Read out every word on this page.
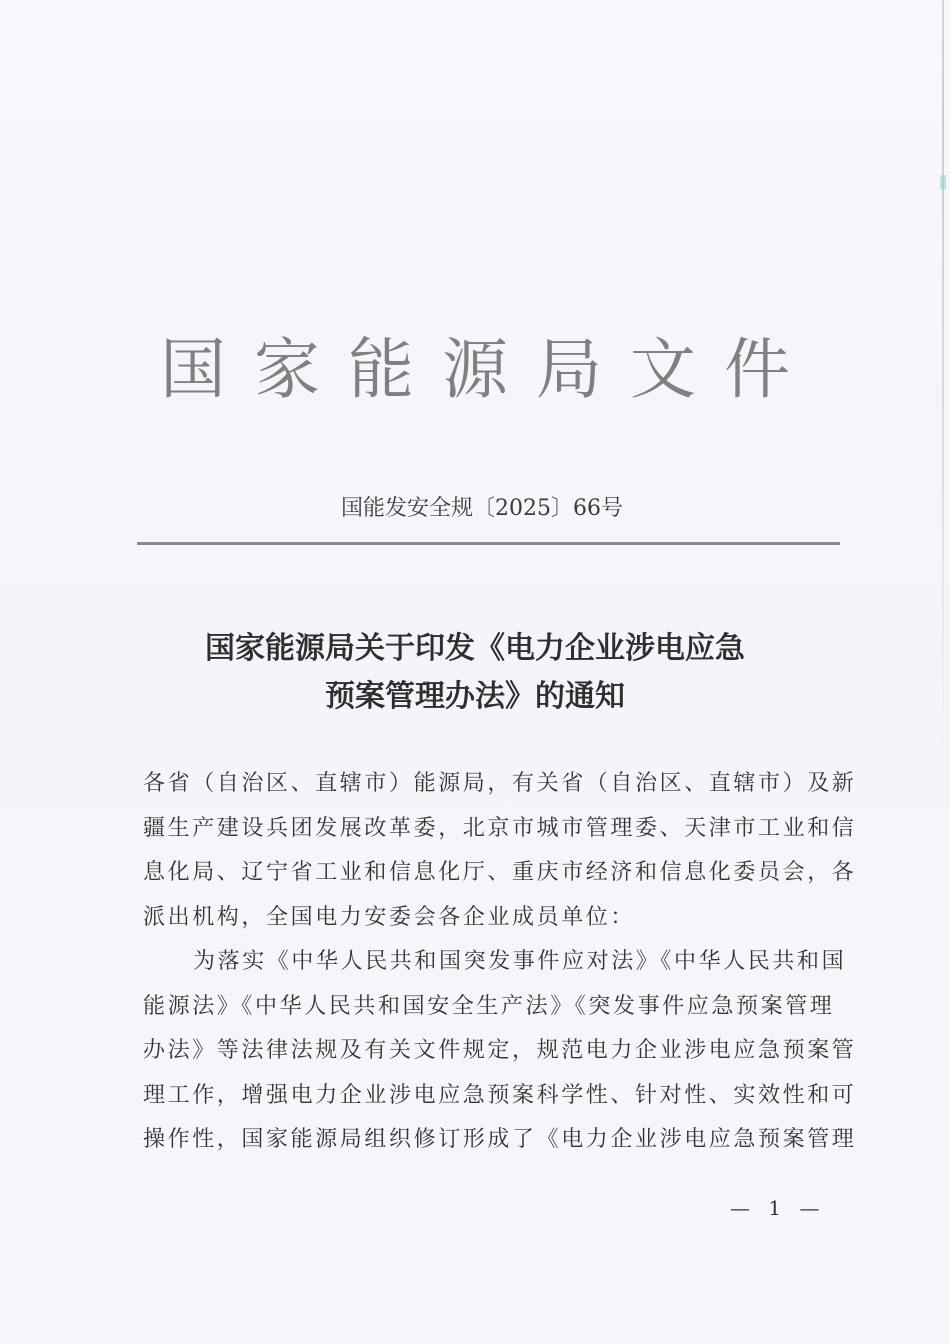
国家能源局文件
国能发安全规〔2025〕66号
国家能源局关于印发《电力企业涉电应急
预案管理办法》的通知
各省（自治区、直辖市）能源局，有关省（自治区、直辖市）及新
疆生产建设兵团发展改革委，北京市城市管理委、天津市工业和信
息化局、辽宁省工业和信息化厅、重庆市经济和信息化委员会，各
派出机构，全国电力安委会各企业成员单位：
为落实《中华人民共和国突发事件应对法》《中华人民共和国
能源法》《中华人民共和国安全生产法》《突发事件应急预案管理
办法》等法律法规及有关文件规定，规范电力企业涉电应急预案管
理工作，增强电力企业涉电应急预案科学性、针对性、实效性和可
操作性，国家能源局组织修订形成了《电力企业涉电应急预案管理
— 1 —
